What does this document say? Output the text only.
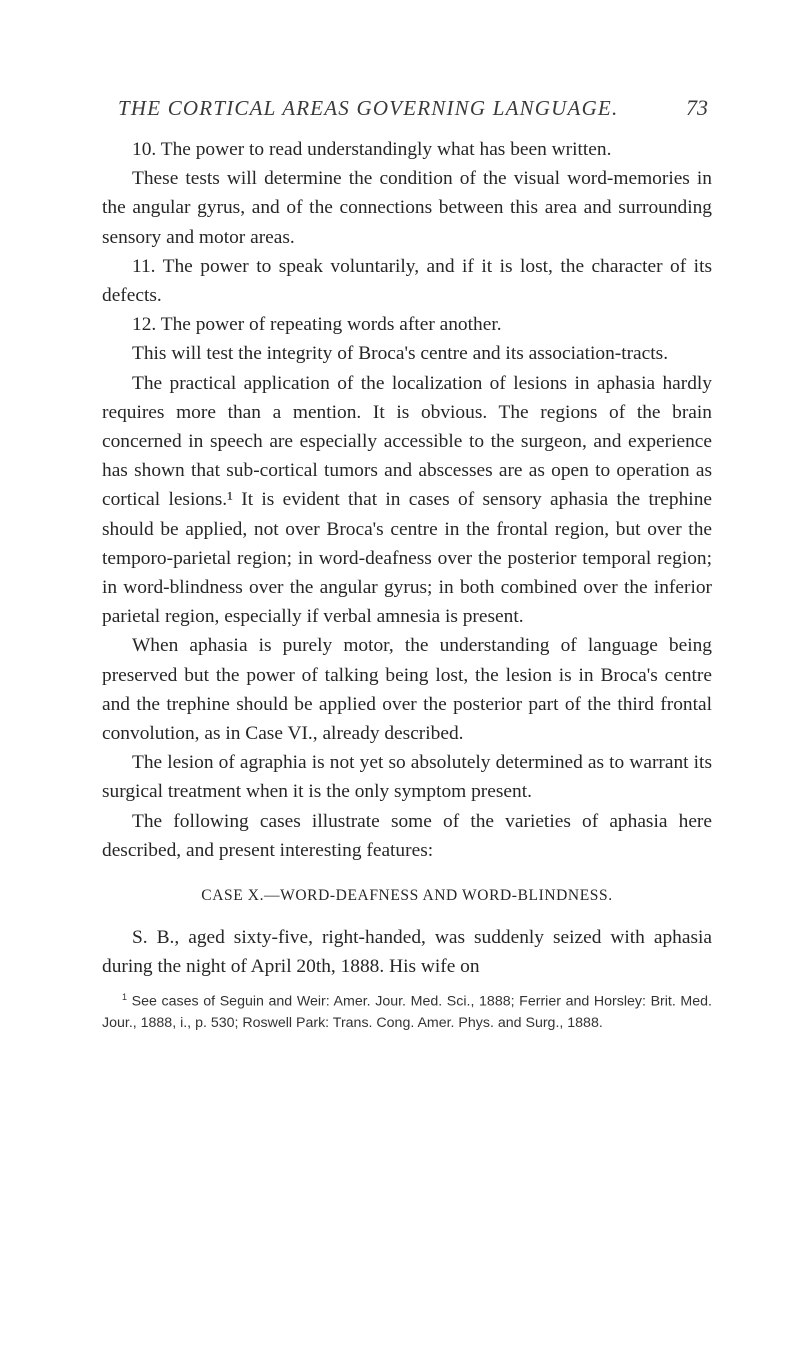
THE CORTICAL AREAS GOVERNING LANGUAGE.	73

10. The power to read understandingly what has been written.

These tests will determine the condition of the visual word-memories in the angular gyrus, and of the connections between this area and surrounding sensory and motor areas.

11. The power to speak voluntarily, and if it is lost, the character of its defects.

12. The power of repeating words after another.

This will test the integrity of Broca's centre and its association-tracts.

The practical application of the localization of lesions in aphasia hardly requires more than a mention. It is obvious. The regions of the brain concerned in speech are especially accessible to the surgeon, and experience has shown that sub-cortical tumors and abscesses are as open to operation as cortical lesions.¹ It is evident that in cases of sensory aphasia the trephine should be applied, not over Broca's centre in the frontal region, but over the temporo-parietal region; in word-deafness over the posterior temporal region; in word-blindness over the angular gyrus; in both combined over the inferior parietal region, especially if verbal amnesia is present.

When aphasia is purely motor, the understanding of language being preserved but the power of talking being lost, the lesion is in Broca's centre and the trephine should be applied over the posterior part of the third frontal convolution, as in Case VI., already described.

The lesion of agraphia is not yet so absolutely determined as to warrant its surgical treatment when it is the only symptom present.

The following cases illustrate some of the varieties of aphasia here described, and present interesting features:

CASE X.—WORD-DEAFNESS AND WORD-BLINDNESS.

S. B., aged sixty-five, right-handed, was suddenly seized with aphasia during the night of April 20th, 1888. His wife on

$^1$ See cases of Seguin and Weir: Amer. Jour. Med. Sci., 1888; Ferrier and Horsley: Brit. Med. Jour., 1888, i., p. 530; Roswell Park: Trans. Cong. Amer. Phys. and Surg., 1888.
